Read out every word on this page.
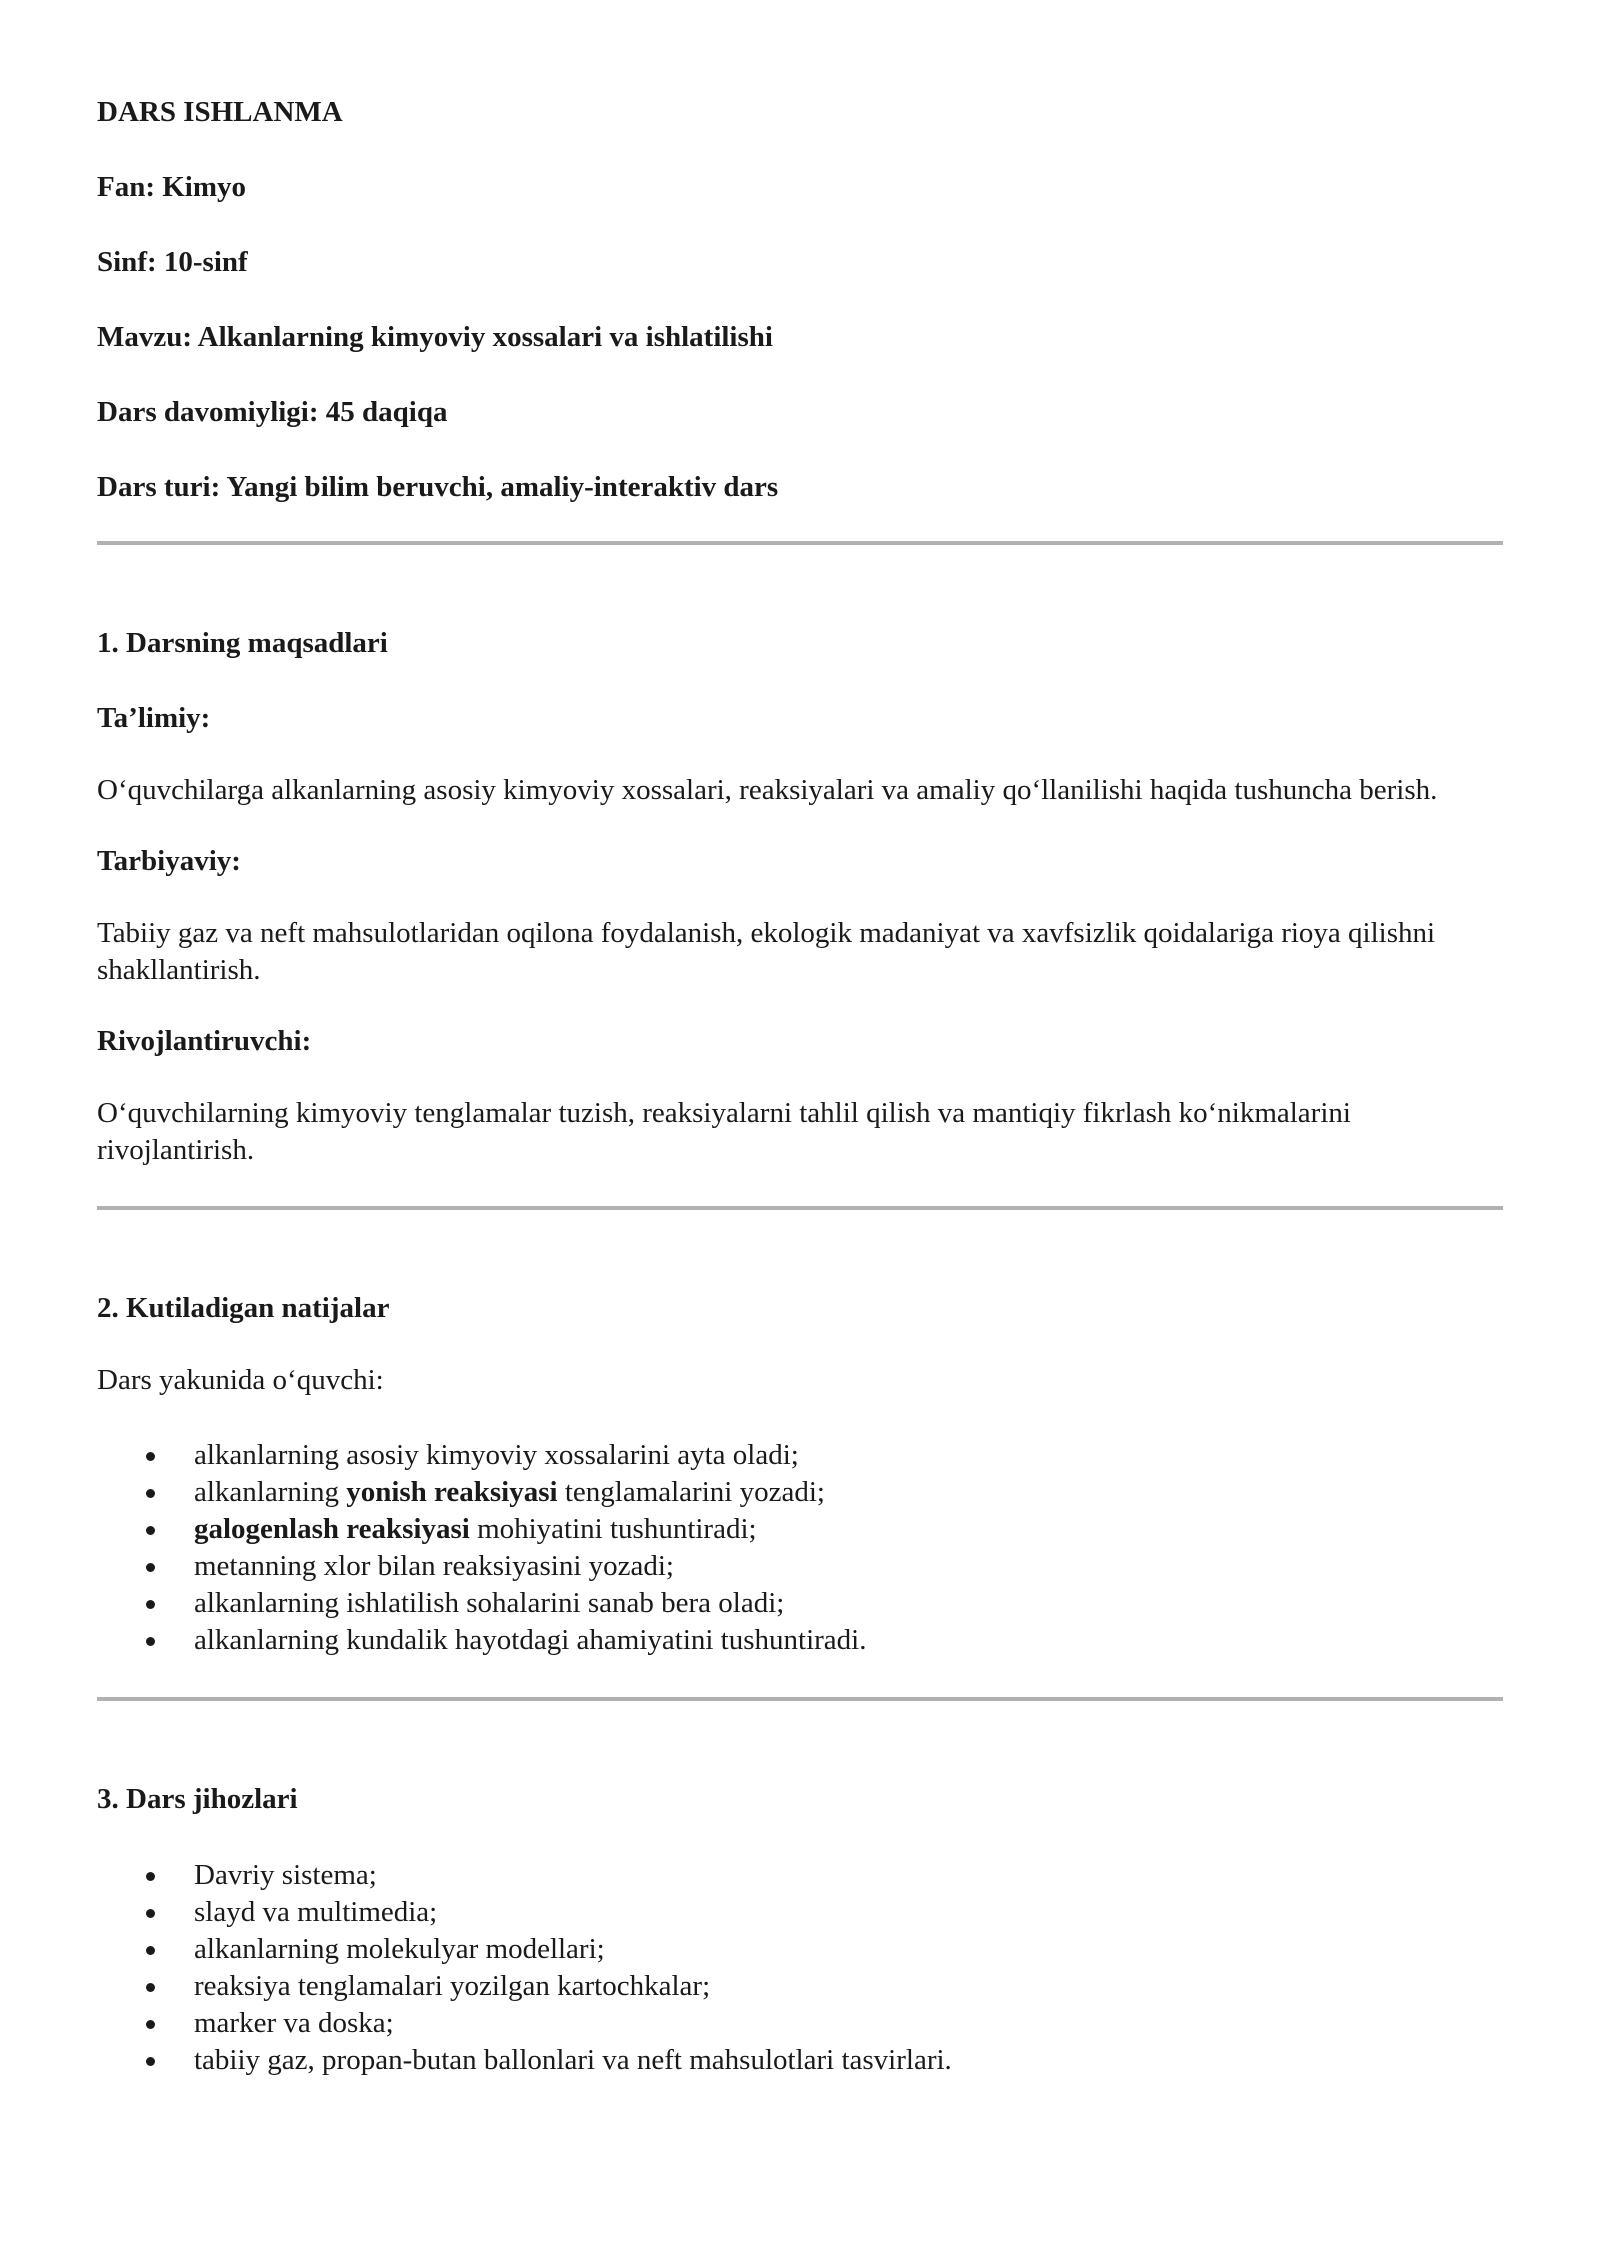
DARS ISHLANMA

Fan: Kimyo

Sinf: 10-sinf

Mavzu: Alkanlarning kimyoviy xossalari va ishlatilishi

Dars davomiyligi: 45 daqiqa

Dars turi: Yangi bilim beruvchi, amaliy-interaktiv dars

1. Darsning maqsadlari

Ta’limiy:

O‘quvchilarga alkanlarning asosiy kimyoviy xossalari, reaksiyalari va amaliy qo‘llanilishi haqida tushuncha berish.

Tarbiyaviy:

Tabiiy gaz va neft mahsulotlaridan oqilona foydalanish, ekologik madaniyat va xavfsizlik qoidalariga rioya qilishni shakllantirish.

Rivojlantiruvchi:

O‘quvchilarning kimyoviy tenglamalar tuzish, reaksiyalarni tahlil qilish va mantiqiy fikrlash ko‘nikmalarini rivojlantirish.

2. Kutiladigan natijalar

Dars yakunida o‘quvchi:

alkanlarning asosiy kimyoviy xossalarini ayta oladi;
alkanlarning yonish reaksiyasi tenglamalarini yozadi;
galogenlash reaksiyasi mohiyatini tushuntiradi;
metanning xlor bilan reaksiyasini yozadi;
alkanlarning ishlatilish sohalarini sanab bera oladi;
alkanlarning kundalik hayotdagi ahamiyatini tushuntiradi.

3. Dars jihozlari

Davriy sistema;
slayd va multimedia;
alkanlarning molekulyar modellari;
reaksiya tenglamalari yozilgan kartochkalar;
marker va doska;
tabiiy gaz, propan-butan ballonlari va neft mahsulotlari tasvirlari.
